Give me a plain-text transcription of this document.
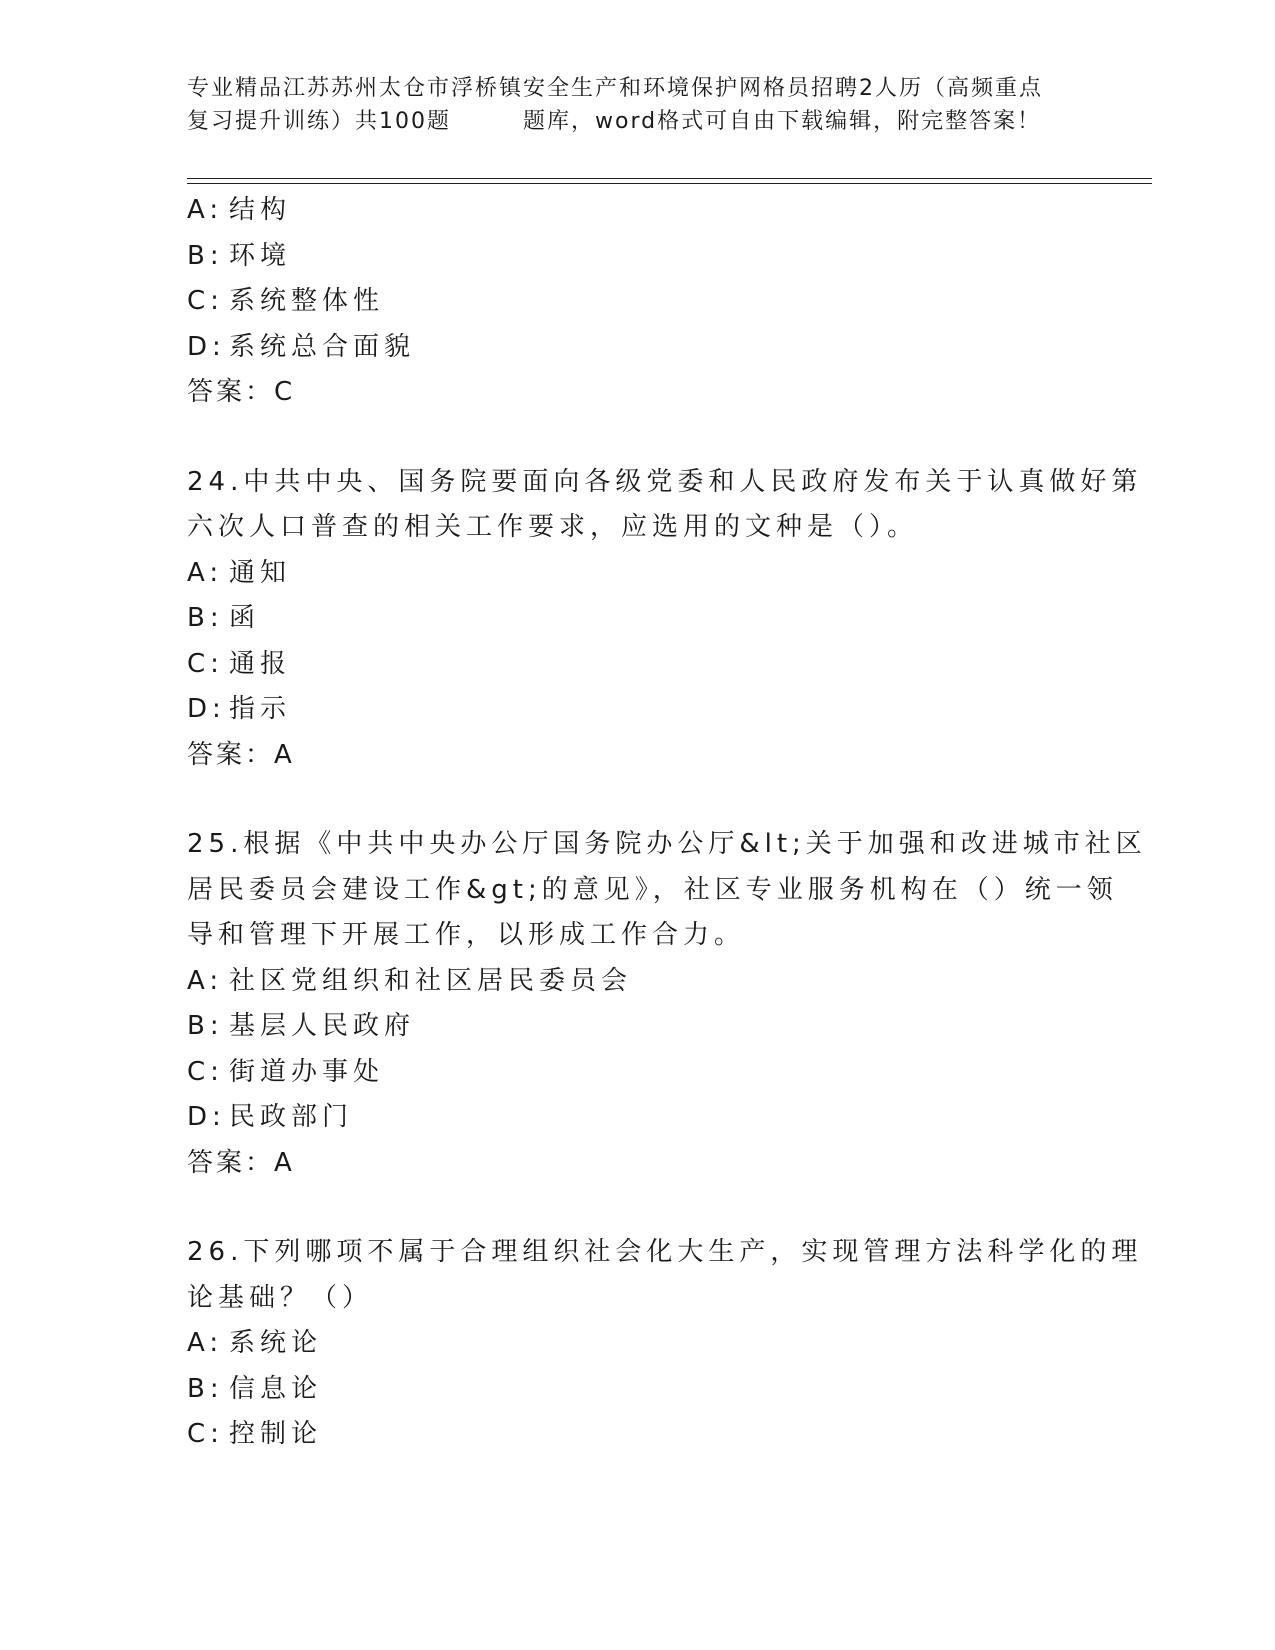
专业精品江苏苏州太仓市浮桥镇安全生产和环境保护网格员招聘2人历（高频重点
复习提升训练）共100题　　　题库，word格式可自由下载编辑，附完整答案！
A: 结构
B: 环境
C: 系统整体性
D: 系统总合面貌
答案：C
24.中共中央、国务院要面向各级党委和人民政府发布关于认真做好第
六次人口普查的相关工作要求，应选用的文种是（）。
A: 通知
B: 函
C: 通报
D: 指示
答案：A
25.根据《中共中央办公厅国务院办公厅&lt;关于加强和改进城市社区
居民委员会建设工作&gt;的意见》，社区专业服务机构在（）统一领
导和管理下开展工作，以形成工作合力。
A: 社区党组织和社区居民委员会
B: 基层人民政府
C: 街道办事处
D: 民政部门
答案：A
26.下列哪项不属于合理组织社会化大生产，实现管理方法科学化的理
论基础？（）
A: 系统论
B: 信息论
C: 控制论
